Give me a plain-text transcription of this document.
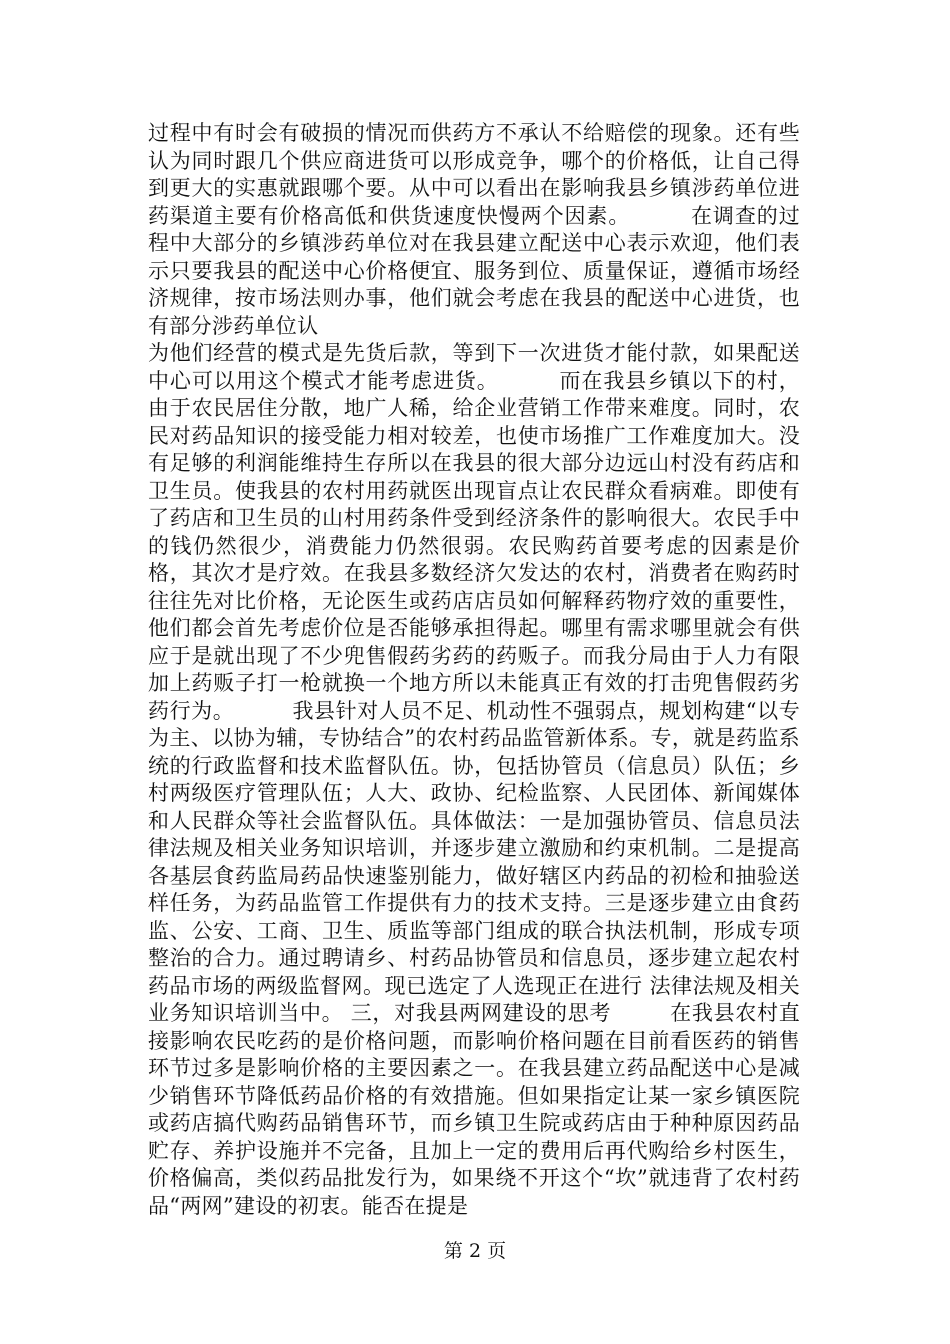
过程中有时会有破损的情况而供药方不承认不给赔偿的现象。还有些认为同时跟几个供应商进货可以形成竞争，哪个的价格低，让自己得到更大的实惠就跟哪个要。从中可以看出在影响我县乡镇涉药单位进药渠道主要有价格高低和供货速度快慢两个因素。        在调查的过程中大部分的乡镇涉药单位对在我县建立配送中心表示欢迎，他们表示只要我县的配送中心价格便宜、服务到位、质量保证，遵循市场经济规律，按市场法则办事，他们就会考虑在我县的配送中心进货，也有部分涉药单位认

为他们经营的模式是先货后款，等到下一次进货才能付款，如果配送中心可以用这个模式才能考虑进货。        而在我县乡镇以下的村，由于农民居住分散，地广人稀，给企业营销工作带来难度。同时，农民对药品知识的接受能力相对较差，也使市场推广工作难度加大。没有足够的利润能维持生存所以在我县的很大部分边远山村没有药店和卫生员。使我县的农村用药就医出现盲点让农民群众看病难。即使有了药店和卫生员的山村用药条件受到经济条件的影响很大。农民手中的钱仍然很少，消费能力仍然很弱。农民购药首要考虑的因素是价格，其次才是疗效。在我县多数经济欠发达的农村，消费者在购药时往往先对比价格，无论医生或药店店员如何解释药物疗效的重要性，他们都会首先考虑价位是否能够承担得起。哪里有需求哪里就会有供应于是就出现了不少兜售假药劣药的药贩子。而我分局由于人力有限加上药贩子打一枪就换一个地方所以未能真正有效的打击兜售假药劣药行为。        我县针对人员不足、机动性不强弱点，规划构建“以专为主、以协为辅，专协结合”的农村药品监管新体系。专，就是药监系统的行政监督和技术监督队伍。协，包括协管员（信息员）队伍；乡村两级医疗管理队伍；人大、政协、纪检监察、人民团体、新闻媒体和人民群众等社会监督队伍。具体做法：一是加强协管员、信息员法律法规及相关业务知识培训，并逐步建立激励和约束机制。二是提高各基层食药监局药品快速鉴别能力，做好辖区内药品的初检和抽验送样任务，为药品监管工作提供有力的技术支持。三是逐步建立由食药监、公安、工商、卫生、质监等部门组成的联合执法机制，形成专项整治的合力。通过聘请乡、村药品协管员和信息员，逐步建立起农村药品市场的两级监督网。现已选定了人选现正在进行 法律法规及相关业务知识培训当中。 三，对我县两网建设的思考        在我县农村直接影响农民吃药的是价格问题，而影响价格问题在目前看医药的销售环节过多是影响价格的主要因素之一。在我县建立药品配送中心是减少销售环节降低药品价格的有效措施。但如果指定让某一家乡镇医院或药店搞代购药品销售环节，而乡镇卫生院或药店由于种种原因药品贮存、养护设施并不完备，且加上一定的费用后再代购给乡村医生，价格偏高，类似药品批发行为，如果绕不开这个“坎”就违背了农村药品“两网”建设的初衷。能否在提是

第 2 页
